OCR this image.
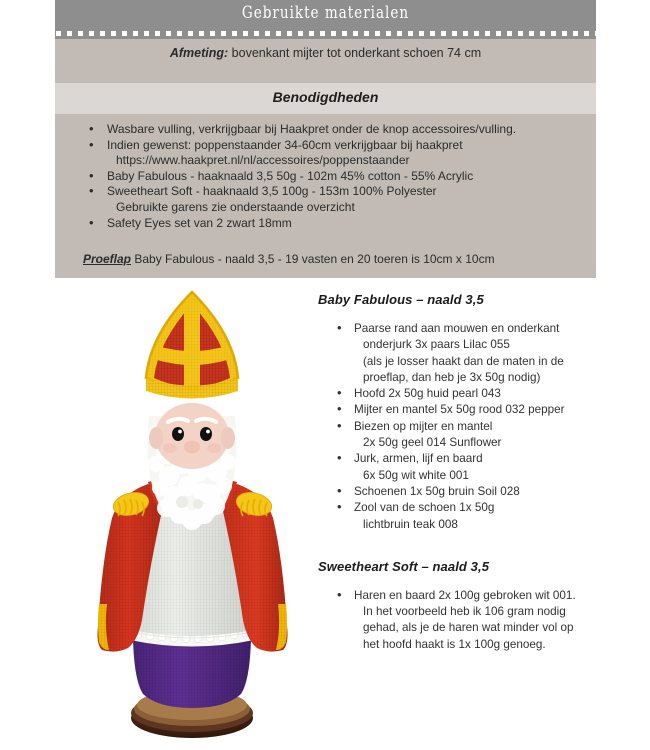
Gebruikte materialen
Afmeting: bovenkant mijter tot onderkant schoen 74 cm
Benodigdheden
• Wasbare vulling, verkrijgbaar bij Haakpret onder de knop accessoires/vulling.
• Indien gewenst: poppenstaander 34-60cm verkrijgbaar bij haakpret
https://www.haakpret.nl/nl/accessoires/poppenstaander
• Baby Fabulous - haaknaald 3,5 50g - 102m 45% cotton - 55% Acrylic
• Sweetheart Soft - haaknaald 3,5 100g - 153m 100% Polyester
Gebruikte garens zie onderstaande overzicht
• Safety Eyes set van 2 zwart 18mm
Proeflap Baby Fabulous - naald 3,5 - 19 vasten en 20 toeren is 10cm x 10cm
Baby Fabulous – naald 3,5
• Paarse rand aan mouwen en onderkant
onderjurk 3x paars Lilac 055
(als je losser haakt dan de maten in de
proeflap, dan heb je 3x 50g nodig)
• Hoofd 2x 50g huid pearl 043
• Mijter en mantel 5x 50g rood 032 pepper
• Biezen op mijter en mantel
2x 50g geel 014 Sunflower
• Jurk, armen, lijf en baard
6x 50g wit white 001
• Schoenen 1x 50g bruin Soil 028
• Zool van de schoen 1x 50g
lichtbruin teak 008
Sweetheart Soft – naald 3,5
• Haren en baard 2x 100g gebroken wit 001.
In het voorbeeld heb ik 106 gram nodig
gehad, als je de haren wat minder vol op
het hoofd haakt is 1x 100g genoeg.
